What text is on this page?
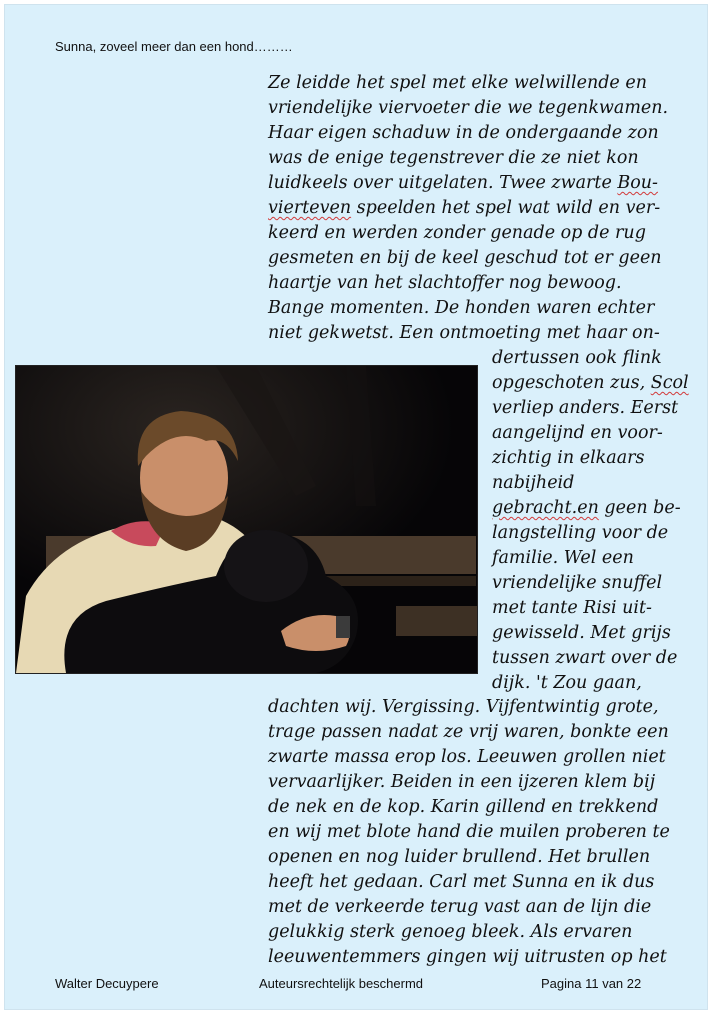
Sunna, zoveel meer dan een hond………
Ze leidde het spel met elke welwillende en
vriendelijke viervoeter die we tegenkwamen.
Haar eigen schaduw in de ondergaande zon
was de enige tegenstrever die ze niet kon
luidkeels over uitgelaten. Twee zwarte Bou-
vierteven speelden het spel wat wild en ver-
keerd en werden zonder genade op de rug
gesmeten en bij de keel geschud tot er geen
haartje van het slachtoffer nog bewoog.
Bange momenten. De honden waren echter
niet gekwetst. Een ontmoeting met haar on-
dertussen ook flink
opgeschoten zus, Scol
verliep anders. Eerst
aangelijnd en voor-
zichtig in elkaars
nabijheid
gebracht.en geen be-
langstelling voor de
familie. Wel een
vriendelijke snuffel
met tante Risi uit-
gewisseld. Met grijs
tussen zwart over de
dijk. 't Zou gaan,
dachten wij. Vergissing. Vijfentwintig grote,
trage passen nadat ze vrij waren, bonkte een
zwarte massa erop los. Leeuwen grollen niet
vervaarlijker. Beiden in een ijzeren klem bij
de nek en de kop. Karin gillend en trekkend
en wij met blote hand die muilen proberen te
openen en nog luider brullend. Het brullen
heeft het gedaan. Carl met Sunna en ik dus
met de verkeerde terug vast aan de lijn die
gelukkig sterk genoeg bleek. Als ervaren
leeuwentemmers gingen wij uitrusten op het
Walter Decuypere	Auteursrechtelijk beschermd	Pagina 11 van 22
